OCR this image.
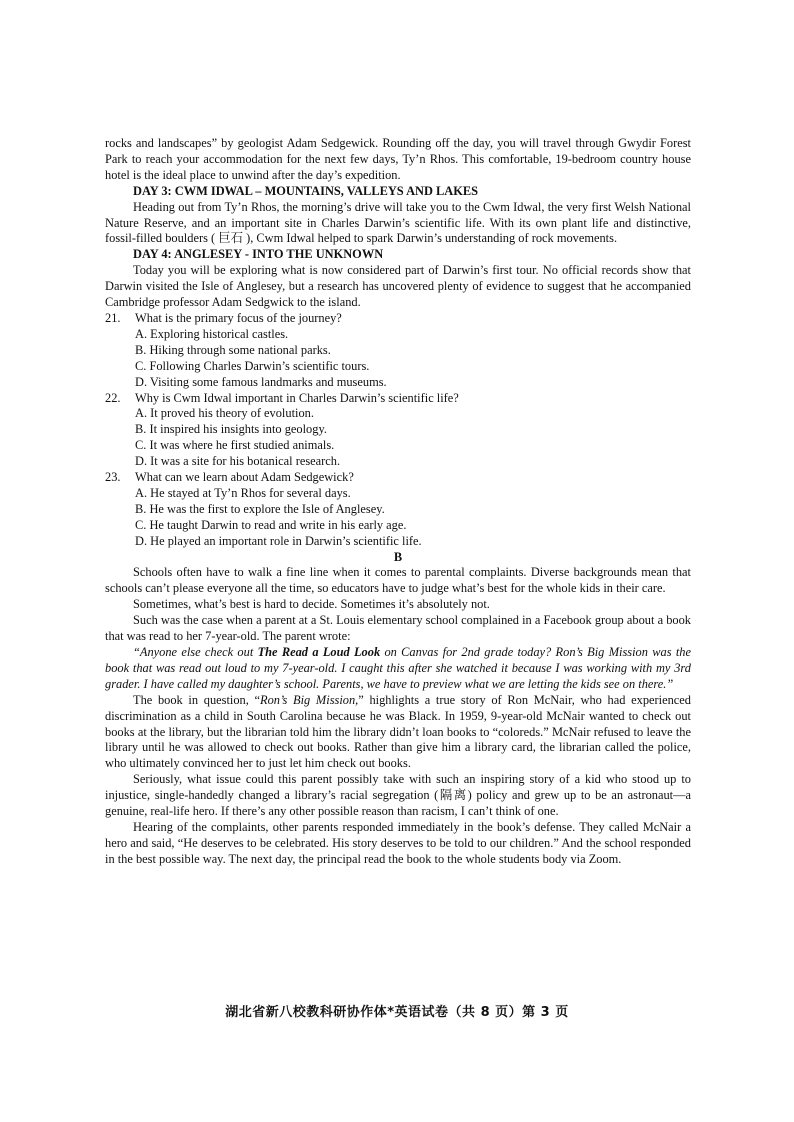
rocks and landscapes” by geologist Adam Sedgewick. Rounding off the day, you will travel through Gwydir Forest Park to reach your accommodation for the next few days, Ty’n Rhos. This comfortable, 19-bedroom country house hotel is the ideal place to unwind after the day’s expedition.

DAY 3: CWM IDWAL – MOUNTAINS, VALLEYS AND LAKES

Heading out from Ty’n Rhos, the morning’s drive will take you to the Cwm Idwal, the very first Welsh National Nature Reserve, and an important site in Charles Darwin’s scientific life. With its own plant life and distinctive, fossil-filled boulders ( 巨石 ), Cwm Idwal helped to spark Darwin’s understanding of rock movements.

DAY 4: ANGLESEY - INTO THE UNKNOWN

Today you will be exploring what is now considered part of Darwin’s first tour. No official records show that Darwin visited the Isle of Anglesey, but a research has uncovered plenty of evidence to suggest that he accompanied Cambridge professor Adam Sedgwick to the island.

21. What is the primary focus of the journey?

A. Exploring historical castles.

B. Hiking through some national parks.

C. Following Charles Darwin’s scientific tours.

D. Visiting some famous landmarks and museums.

22. Why is Cwm Idwal important in Charles Darwin’s scientific life?

A. It proved his theory of evolution.

B. It inspired his insights into geology.

C. It was where he first studied animals.

D. It was a site for his botanical research.

23. What can we learn about Adam Sedgewick?

A. He stayed at Ty’n Rhos for several days.

B. He was the first to explore the Isle of Anglesey.

C. He taught Darwin to read and write in his early age.

D. He played an important role in Darwin’s scientific life.

B

Schools often have to walk a fine line when it comes to parental complaints. Diverse backgrounds mean that schools can’t please everyone all the time, so educators have to judge what’s best for the whole kids in their care.

Sometimes, what’s best is hard to decide. Sometimes it’s absolutely not.

Such was the case when a parent at a St. Louis elementary school complained in a Facebook group about a book that was read to her 7-year-old. The parent wrote:

“Anyone else check out The Read a Loud Look on Canvas for 2nd grade today? Ron’s Big Mission was the book that was read out loud to my 7-year-old. I caught this after she watched it because I was working with my 3rd grader. I have called my daughter’s school. Parents, we have to preview what we are letting the kids see on there.”

The book in question, “Ron’s Big Mission,” highlights a true story of Ron McNair, who had experienced discrimination as a child in South Carolina because he was Black. In 1959, 9-year-old McNair wanted to check out books at the library, but the librarian told him the library didn’t loan books to “coloreds.” McNair refused to leave the library until he was allowed to check out books. Rather than give him a library card, the librarian called the police, who ultimately convinced her to just let him check out books.

Seriously, what issue could this parent possibly take with such an inspiring story of a kid who stood up to injustice, single-handedly changed a library’s racial segregation (隔离) policy and grew up to be an astronaut—a genuine, real-life hero. If there’s any other possible reason than racism, I can’t think of one.

Hearing of the complaints, other parents responded immediately in the book’s defense. They called McNair a hero and said, “He deserves to be celebrated. His story deserves to be told to our children.” And the school responded in the best possible way. The next day, the principal read the book to the whole students body via Zoom.

湖北省新八校教科研协作体*英语试卷（共 8 页）第 3 页
